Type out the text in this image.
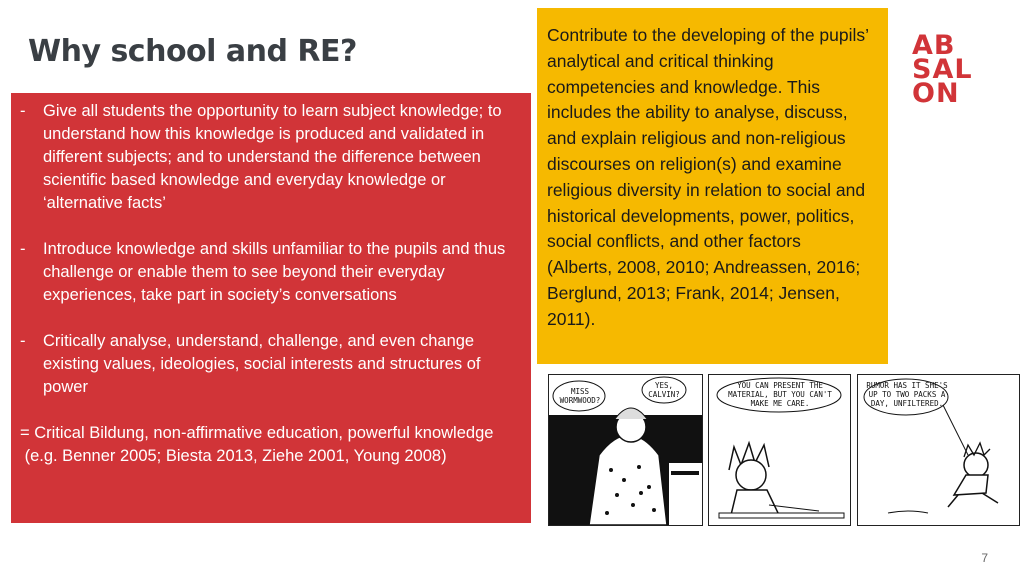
Why school and RE?
-	Give all students the opportunity to learn subject knowledge; to understand how this knowledge is produced and validated in different subjects; and to understand the difference between scientific based knowledge and everyday knowledge or ‘alternative facts’
-	Introduce knowledge and skills unfamiliar to the pupils and thus challenge or enable them to see beyond their everyday experiences, take part in society’s conversations
-	Critically analyse, understand, challenge, and even change existing values, ideologies, social interests and structures of power
= Critical Bildung, non-affirmative education, powerful knowledge
(e.g. Benner 2005; Biesta 2013, Ziehe 2001, Young 2008)
Contribute to the developing of the pupils’ analytical and critical thinking competencies and knowledge. This includes the ability to analyse, discuss, and explain religious and non-religious discourses on religion(s) and examine religious diversity in relation to social and historical developments, power, politics, social conflicts, and other factors
(Alberts, 2008, 2010; Andreassen, 2016; Berglund, 2013; Frank, 2014; Jensen, 2011).
AB
SAL
ON
MISS WORMWOOD?
YES, CALVIN?
YOU CAN PRESENT THE MATERIAL, BUT YOU CAN'T MAKE ME CARE.
RUMOR HAS IT SHE'S UP TO TWO PACKS A DAY, UNFILTERED.
7
